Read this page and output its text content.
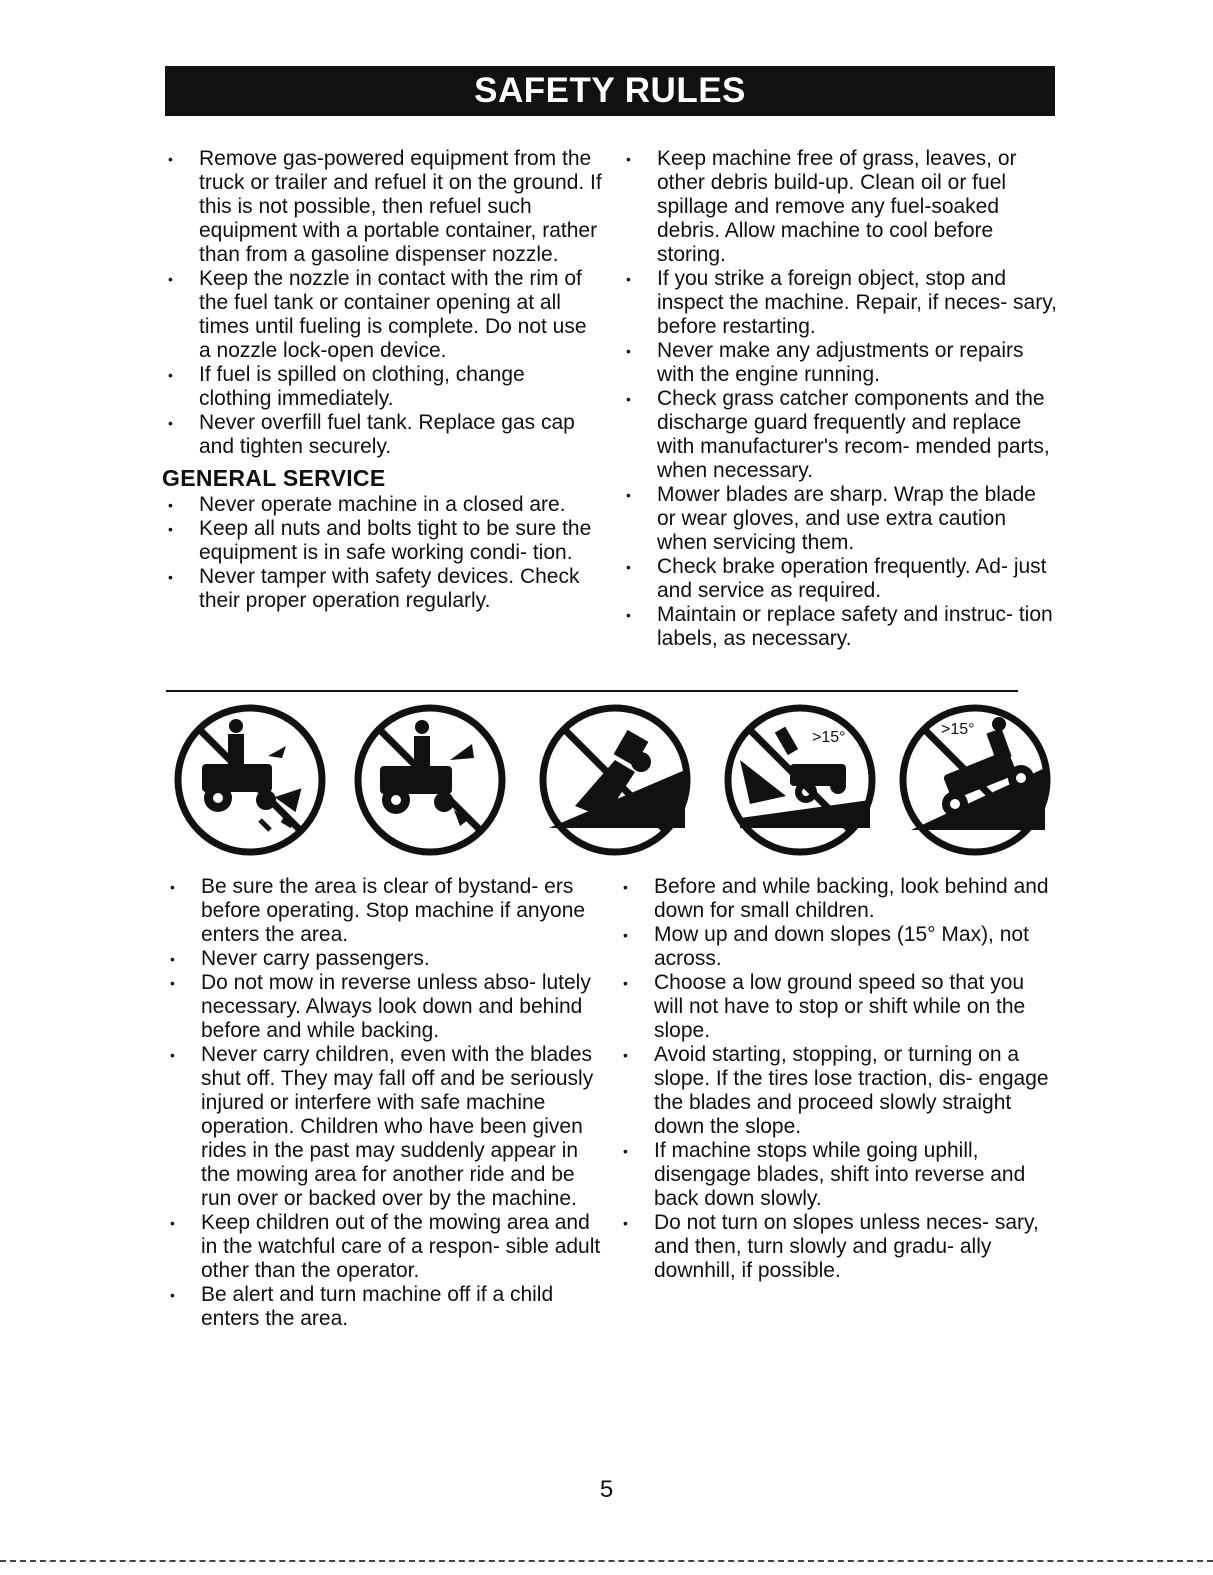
SAFETY RULES
• Remove gas-powered equipment from the truck or trailer and refuel it on the ground. If this is not possible, then refuel such equipment with a portable container, rather than from a gasoline dispenser nozzle.
• Keep the nozzle in contact with the rim of the fuel tank or container opening at all times until fueling is complete. Do not use a nozzle lock-open device.
• If fuel is spilled on clothing, change clothing immediately.
• Never overfill fuel tank. Replace gas cap and tighten securely.
GENERAL SERVICE
• Never operate machine in a closed are.
• Keep all nuts and bolts tight to be sure the equipment is in safe working condi- tion.
• Never tamper with safety devices. Check their proper operation regularly.
• Keep machine free of grass, leaves, or other debris build-up. Clean oil or fuel spillage and remove any fuel-soaked debris. Allow machine to cool before storing.
• If you strike a foreign object, stop and inspect the machine. Repair, if neces- sary, before restarting.
• Never make any adjustments or repairs with the engine running.
• Check grass catcher components and the discharge guard frequently and replace with manufacturer's recom- mended parts, when necessary.
• Mower blades are sharp. Wrap the blade or wear gloves, and use extra caution when servicing them.
• Check brake operation frequently. Ad- just and service as required.
• Maintain or replace safety and instruc- tion labels, as necessary.
>15°	>15°
• Be sure the area is clear of bystand- ers before operating. Stop machine if anyone enters the area.
• Never carry passengers.
• Do not mow in reverse unless abso- lutely necessary. Always look down and behind before and while backing.
• Never carry children, even with the blades shut off. They may fall off and be seriously injured or interfere with safe machine operation. Children who have been given rides in the past may suddenly appear in the mowing area for another ride and be run over or backed over by the machine.
• Keep children out of the mowing area and in the watchful care of a respon- sible adult other than the operator.
• Be alert and turn machine off if a child enters the area.
• Before and while backing, look behind and down for small children.
• Mow up and down slopes (15° Max), not across.
• Choose a low ground speed so that you will not have to stop or shift while on the slope.
• Avoid starting, stopping, or turning on a slope. If the tires lose traction, dis- engage the blades and proceed slowly straight down the slope.
• If machine stops while going uphill, disengage blades, shift into reverse and back down slowly.
• Do not turn on slopes unless neces- sary, and then, turn slowly and gradu- ally downhill, if possible.
5
